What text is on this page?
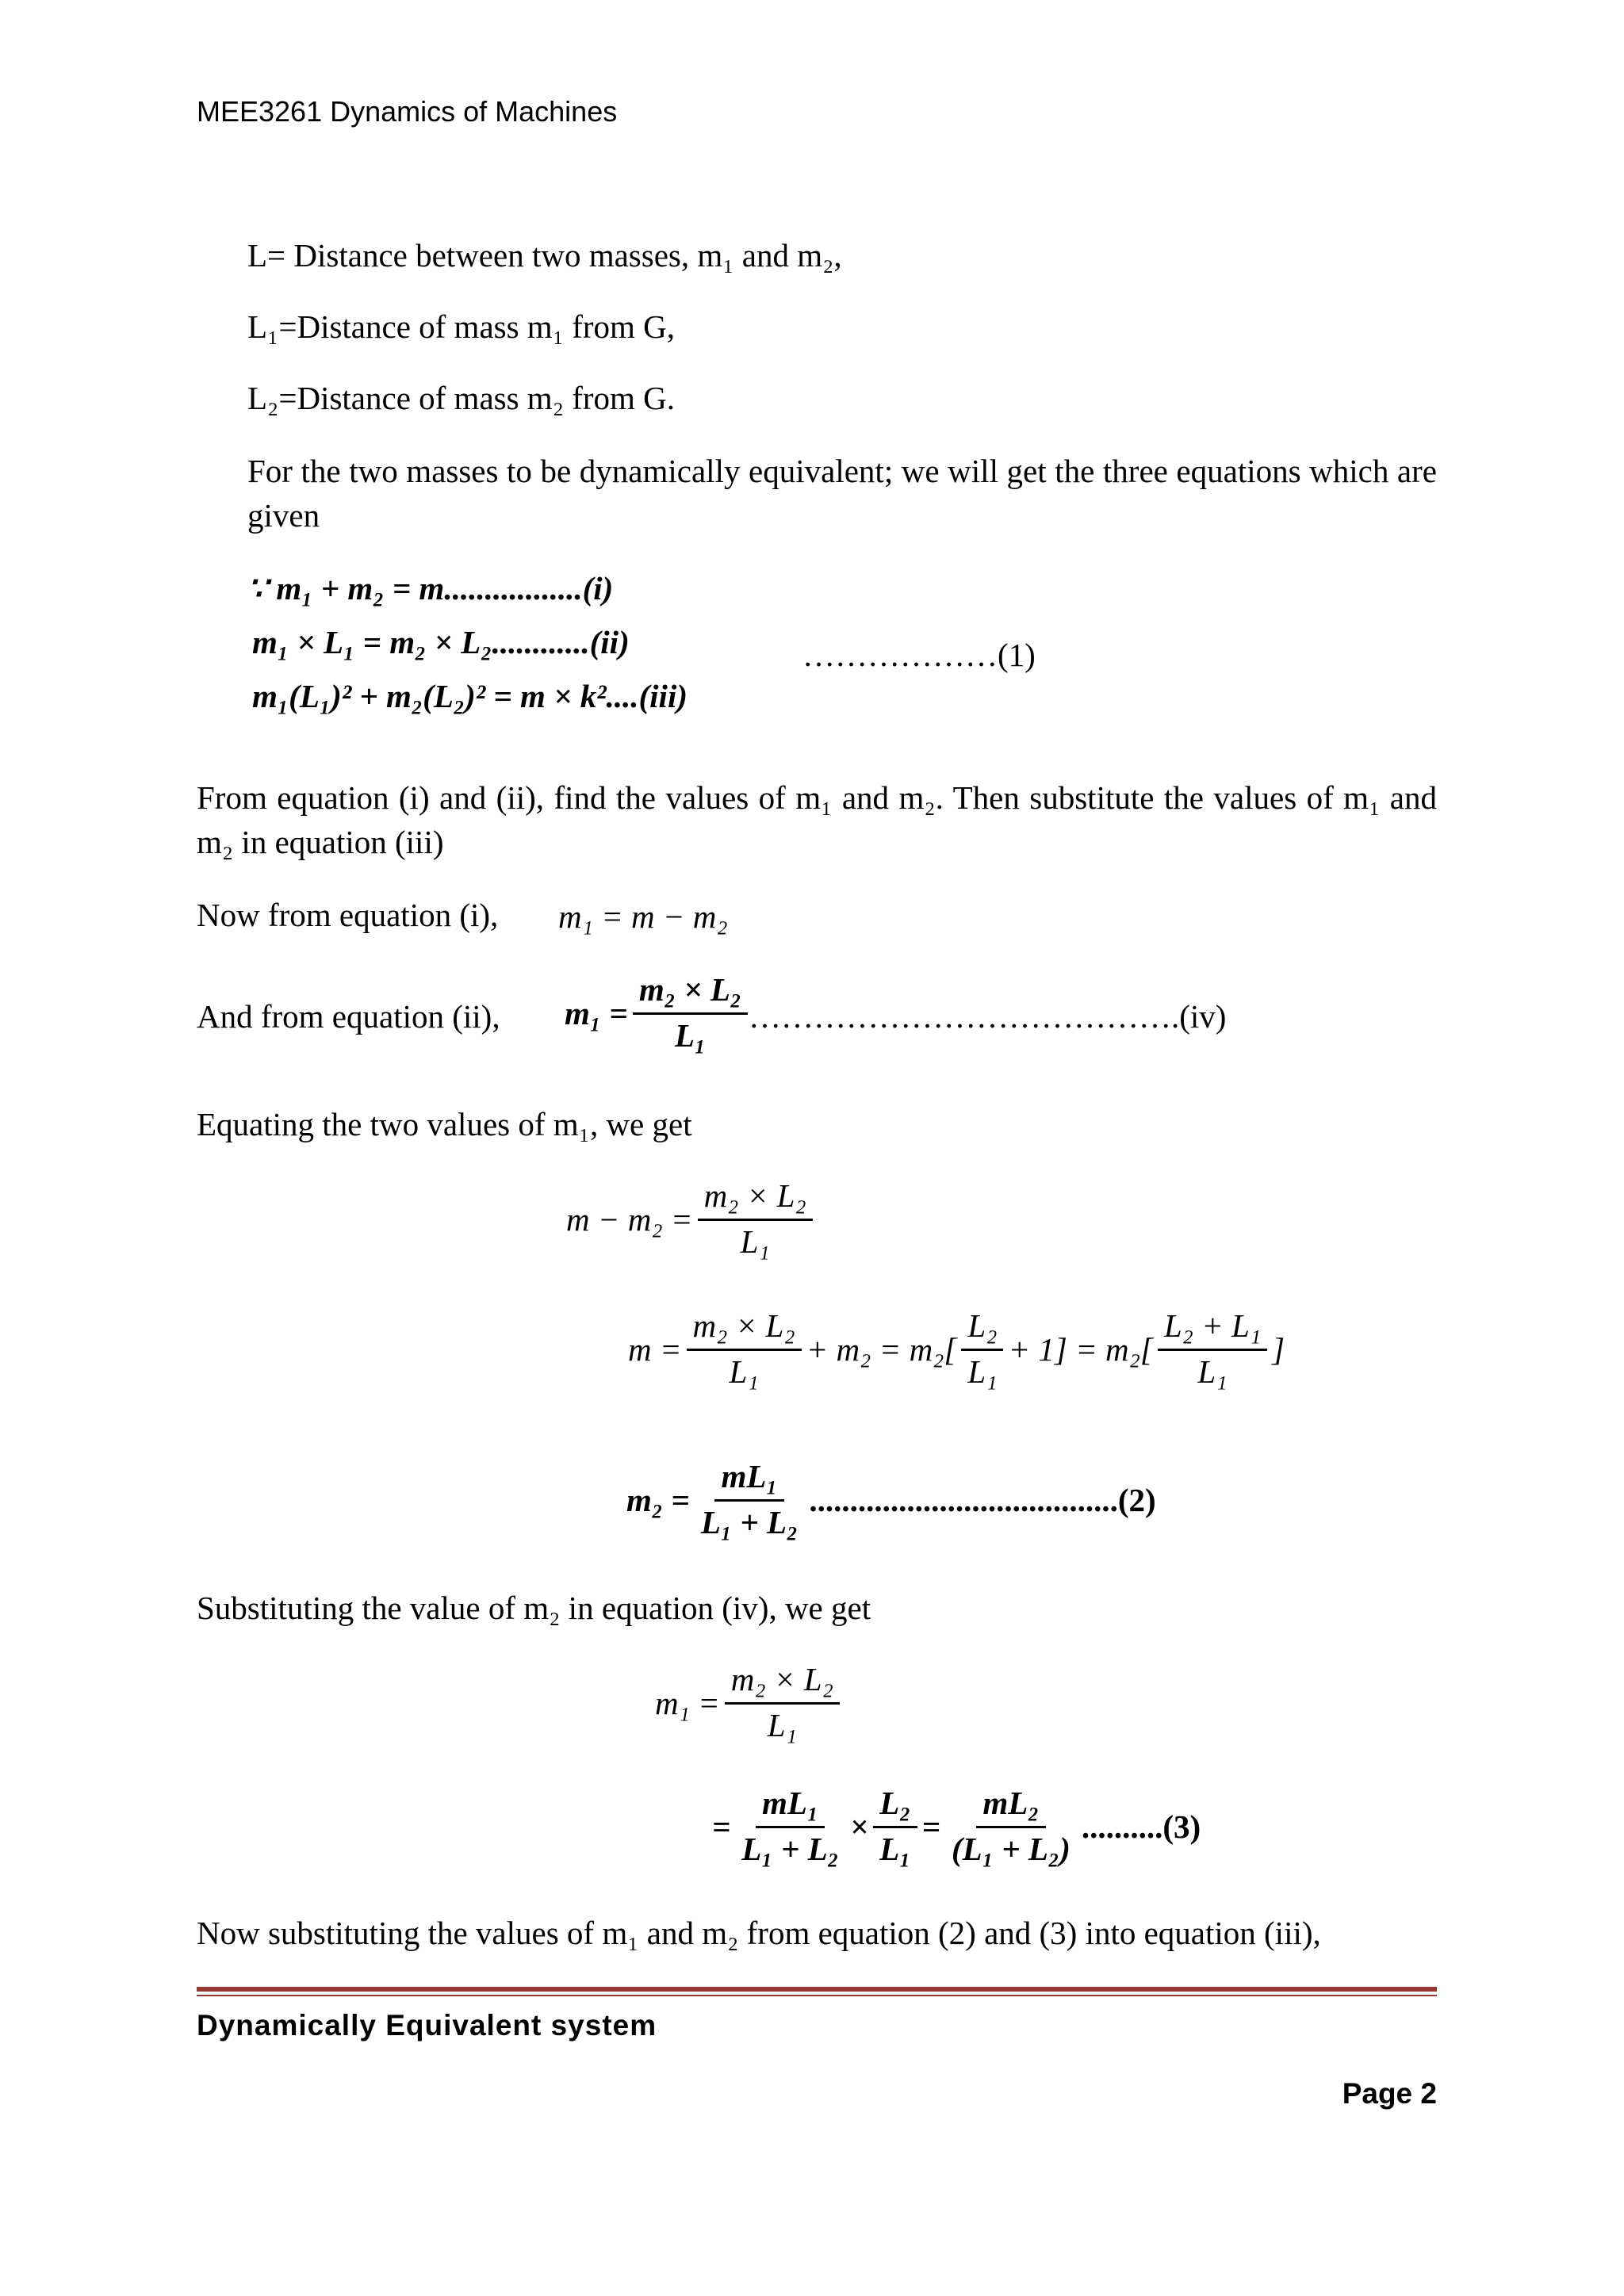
MEE3261 Dynamics of Machines
L= Distance between two masses, m₁ and m₂,
L₁=Distance of mass m₁ from G,
L₂=Distance of mass m₂ from G.
For the two masses to be dynamically equivalent; we will get the three equations which are given
∵ m₁ + m₂ = m.................(i)
m₁ × L₁ = m₂ × L₂............(ii)
m₁(L₁)² + m₂(L₂)² = m × k²....(iii)
………………(1)
From equation (i) and (ii), find the values of m₁ and m₂. Then substitute the values of m₁ and m₂ in equation (iii)
Now from equation (i), m₁ = m − m₂
And from equation (ii), $m_1 = \frac{\text{m₂ × L₂}}{\text{L₁}}$ ………………………………….(iv)
Equating the two values of m₁, we get
$m - m_2 = \frac{\text{m₂ × L₂}}{\text{L₁}}$
$m = \frac{\text{m₂ × L₂}}{\text{L₁}} + m_2 = m_2[ \frac{\text{L₂}}{\text{L₁}} + 1] = m_2[ \frac{\text{L₂ + L₁}}{\text{L₁}}$ ]
$m_2 = \frac{\text{mL₁}}{\text{L₁ + L₂}} ......................................(2)$
Substituting the value of m₂ in equation (iv), we get
$m_1 = \frac{\text{m₂ × L₂}}{\text{L₁}}$
= $\frac{\text{mL₁}}{\text{L₁ + L₂}} \times \frac{\text{L₂}}{\text{L₁}} = \frac{\text{mL₂}}{\text{(L₁ + L₂)}} ..........(3)$
Now substituting the values of m₁ and m₂ from equation (2) and (3) into equation (iii),
Dynamically Equivalent system
Page 2
